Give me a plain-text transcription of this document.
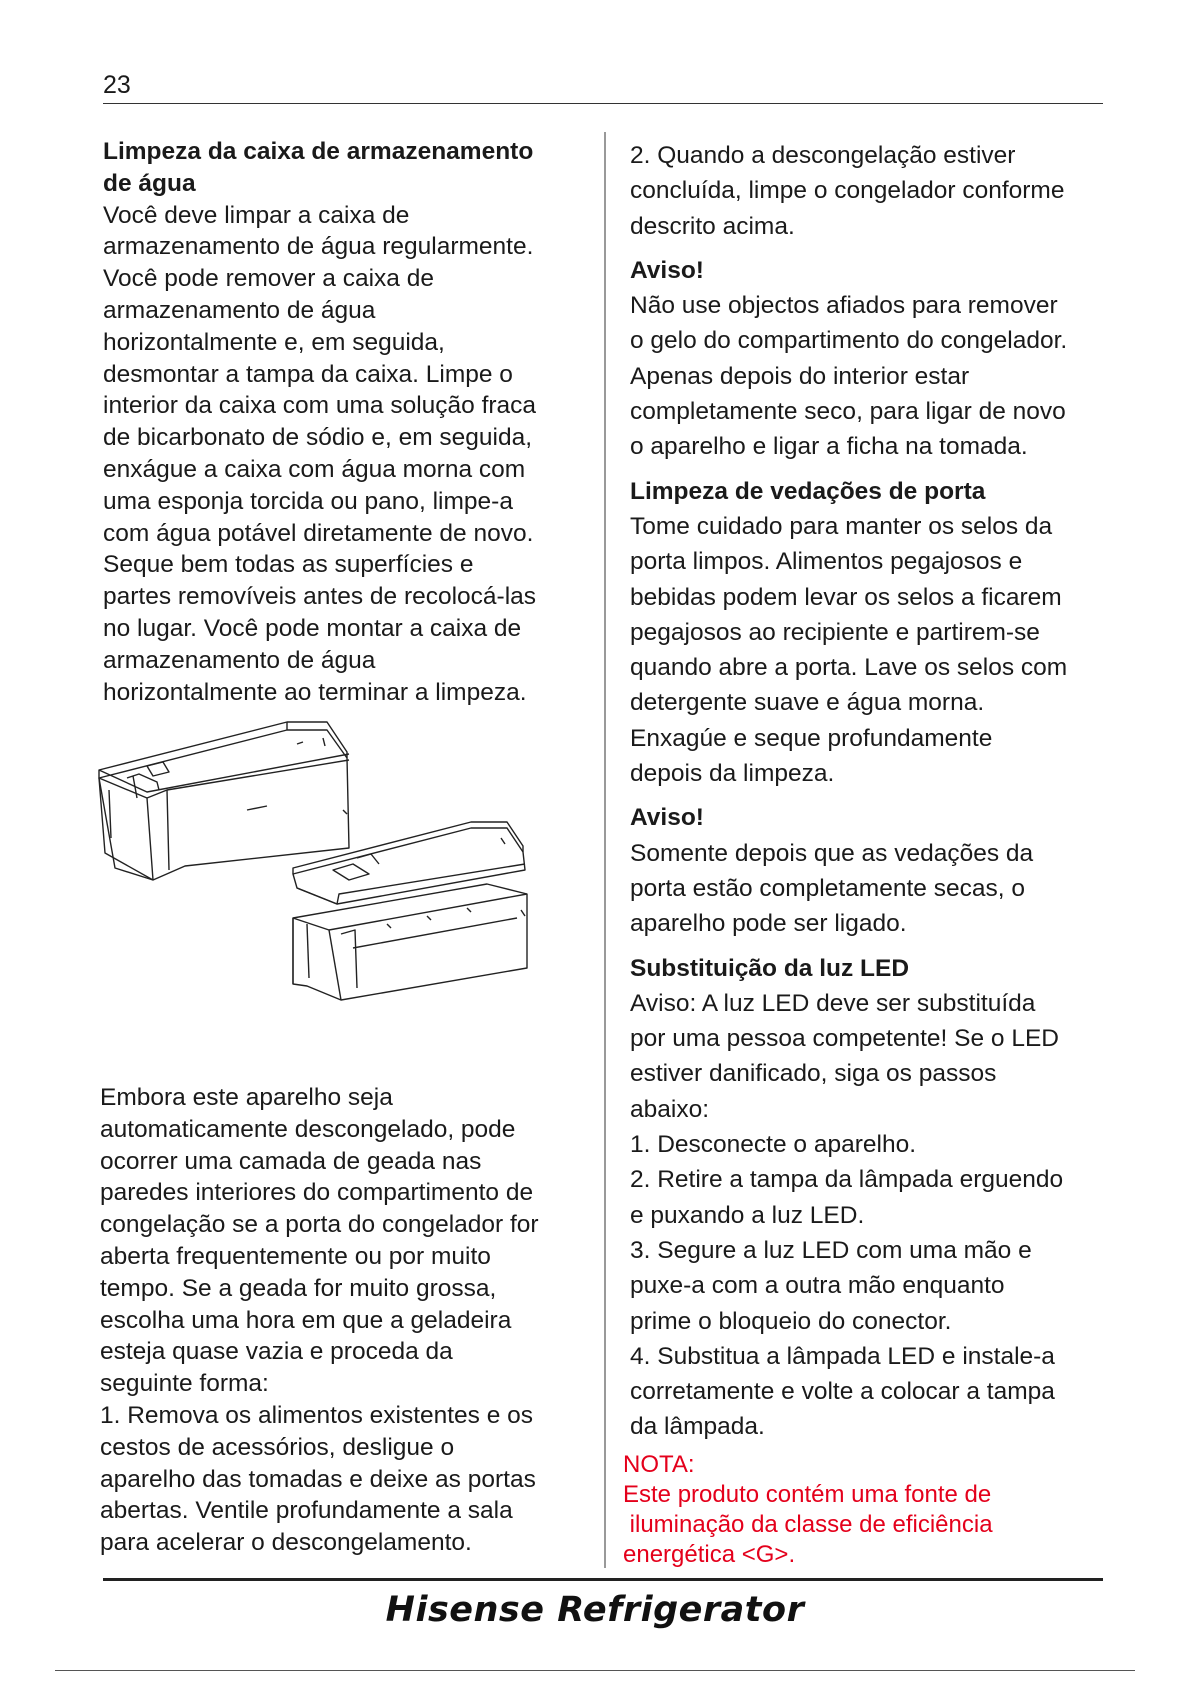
23

Limpeza da caixa de armazenamento
de água

Você deve limpar a caixa de
armazenamento de água regularmente.
Você pode remover a caixa de
armazenamento de água
horizontalmente e, em seguida,
desmontar a tampa da caixa. Limpe o
interior da caixa com uma solução fraca
de bicarbonato de sódio e, em seguida,
enxágue a caixa com água morna com
uma esponja torcida ou pano, limpe-a
com água potável diretamente de novo.
Seque bem todas as superfícies e
partes removíveis antes de recolocá-las
no lugar. Você pode montar a caixa de
armazenamento de água
horizontalmente ao terminar a limpeza.

Embora este aparelho seja
automaticamente descongelado, pode
ocorrer uma camada de geada nas
paredes interiores do compartimento de
congelação se a porta do congelador for
aberta frequentemente ou por muito
tempo. Se a geada for muito grossa,
escolha uma hora em que a geladeira
esteja quase vazia e proceda da
seguinte forma:
1. Remova os alimentos existentes e os
cestos de acessórios, desligue o
aparelho das tomadas e deixe as portas
abertas. Ventile profundamente a sala
para acelerar o descongelamento.

2. Quando a descongelação estiver
concluída, limpe o congelador conforme
descrito acima.

Aviso!

Não use objectos afiados para remover
o gelo do compartimento do congelador.
Apenas depois do interior estar
completamente seco, para ligar de novo
o aparelho e ligar a ficha na tomada.

Limpeza de vedações de porta

Tome cuidado para manter os selos da
porta limpos. Alimentos pegajosos e
bebidas podem levar os selos a ficarem
pegajosos ao recipiente e partirem-se
quando abre a porta. Lave os selos com
detergente suave e água morna.
Enxagúe e seque profundamente
depois da limpeza.

Aviso!

Somente depois que as vedações da
porta estão completamente secas, o
aparelho pode ser ligado.

Substituição da luz LED

Aviso: A luz LED deve ser substituída
por uma pessoa competente! Se o LED
estiver danificado, siga os passos
abaixo:
1. Desconecte o aparelho.
2. Retire a tampa da lâmpada erguendo
e puxando a luz LED.
3. Segure a luz LED com uma mão e
puxe-a com a outra mão enquanto
prime o bloqueio do conector.
4. Substitua a lâmpada LED e instale-a
corretamente e volte a colocar a tampa
da lâmpada.

NOTA:

Este produto contém uma fonte de
iluminação da classe de eficiência
energética <G>.

Hisense Refrigerator
